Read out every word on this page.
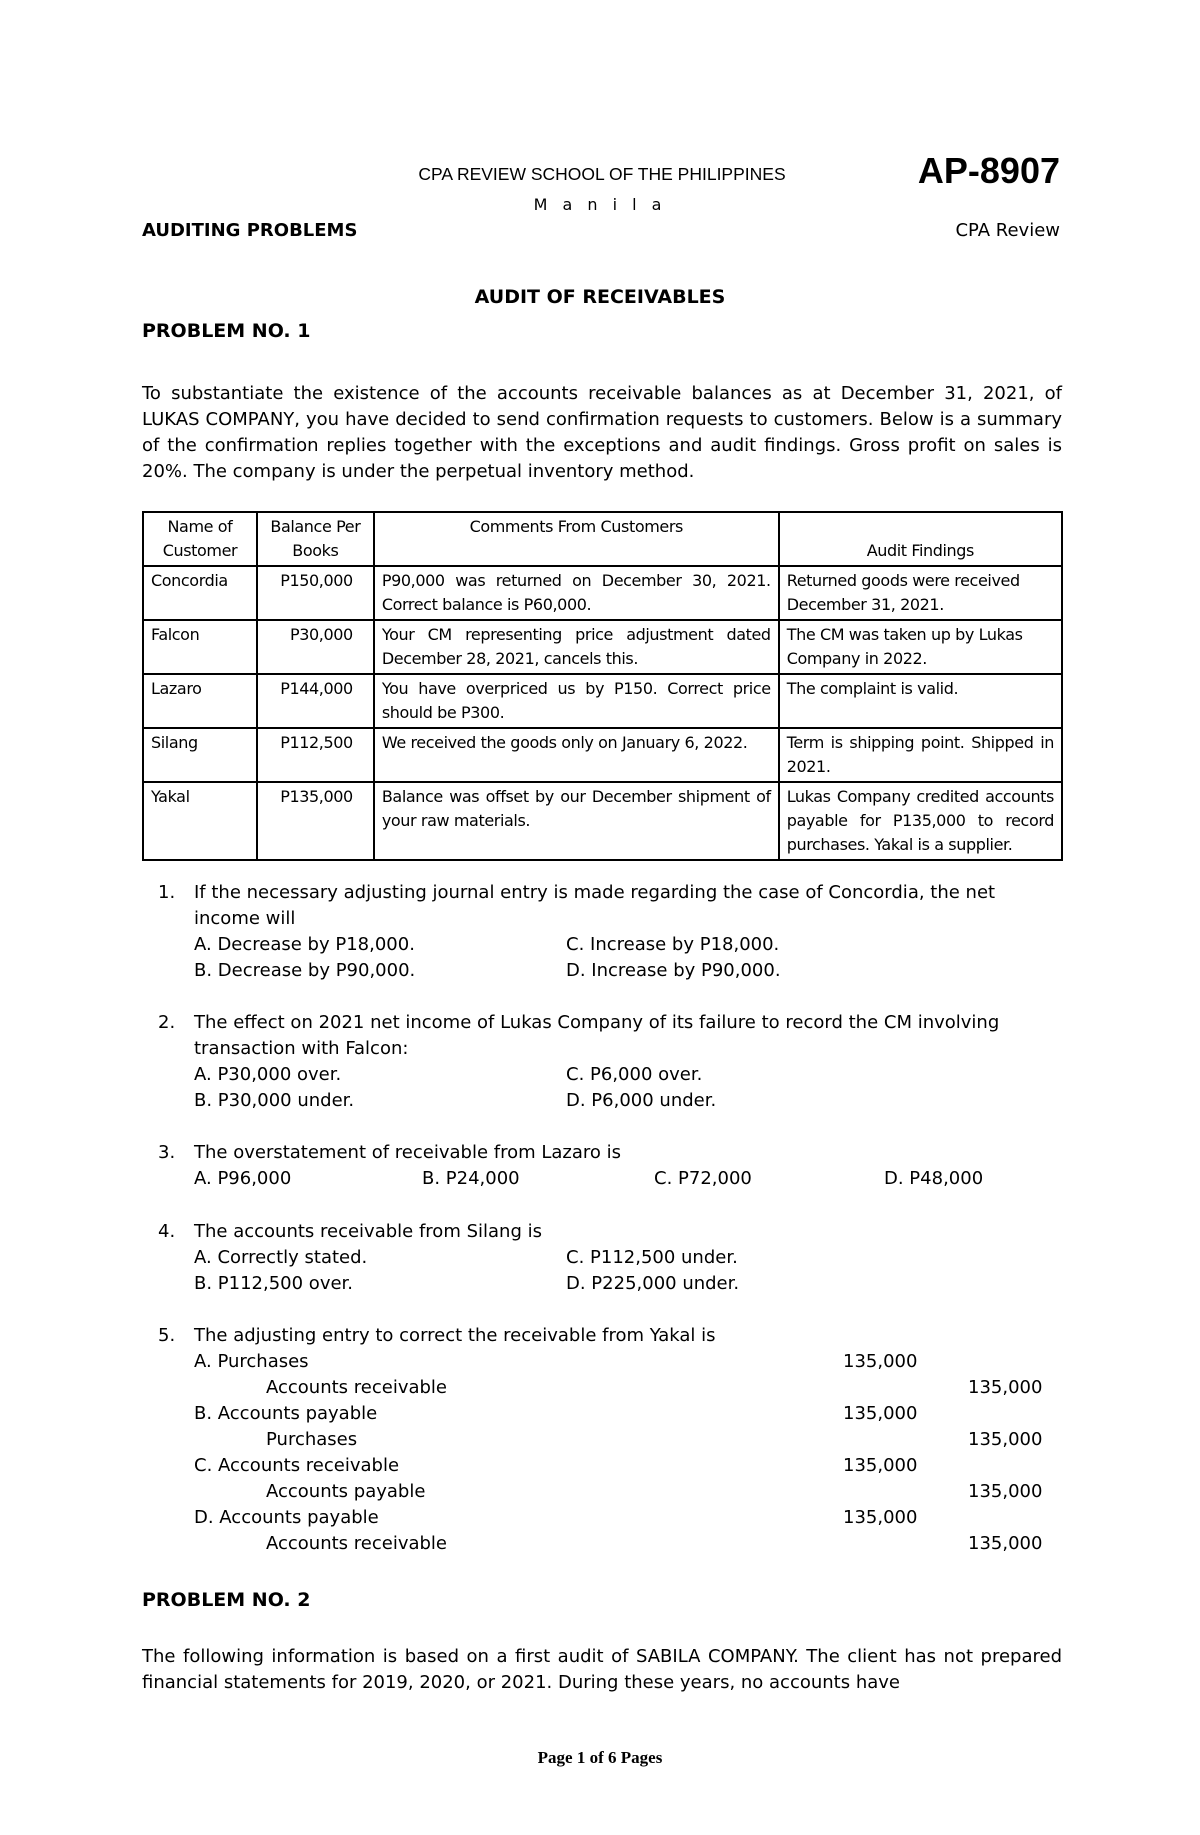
CPA REVIEW SCHOOL OF THE PHILIPPINES
M a n i l a
AP-8907
AUDITING PROBLEMS	CPA Review
AUDIT OF RECEIVABLES
PROBLEM NO. 1
To substantiate the existence of the accounts receivable balances as at December 31, 2021, of LUKAS COMPANY, you have decided to send confirmation requests to customers. Below is a summary of the confirmation replies together with the exceptions and audit findings. Gross profit on sales is 20%. The company is under the perpetual inventory method.
Name of Customer	Balance Per Books	Comments From Customers	Audit Findings
Concordia	P150,000	P90,000 was returned on December 30, 2021. Correct balance is P60,000.	Returned goods were received December 31, 2021.
Falcon	P30,000	Your CM representing price adjustment dated December 28, 2021, cancels this.	The CM was taken up by Lukas Company in 2022.
Lazaro	P144,000	You have overpriced us by P150. Correct price should be P300.	The complaint is valid.
Silang	P112,500	We received the goods only on January 6, 2022.	Term is shipping point. Shipped in 2021.
Yakal	P135,000	Balance was offset by our December shipment of your raw materials.	Lukas Company credited accounts payable for P135,000 to record purchases. Yakal is a supplier.
1. If the necessary adjusting journal entry is made regarding the case of Concordia, the net income will
A. Decrease by P18,000.
B. Decrease by P90,000.
C. Increase by P18,000.
D. Increase by P90,000.
2. The effect on 2021 net income of Lukas Company of its failure to record the CM involving transaction with Falcon:
A. P30,000 over.
B. P30,000 under.
C. P6,000 over.
D. P6,000 under.
3. The overstatement of receivable from Lazaro is
A. P96,000	B. P24,000	C. P72,000	D. P48,000
4. The accounts receivable from Silang is
A. Correctly stated.
B. P112,500 over.
C. P112,500 under.
D. P225,000 under.
5. The adjusting entry to correct the receivable from Yakal is
A. Purchases	135,000
Accounts receivable	135,000
B. Accounts payable	135,000
Purchases	135,000
C. Accounts receivable	135,000
Accounts payable	135,000
D. Accounts payable	135,000
Accounts receivable	135,000
PROBLEM NO. 2
The following information is based on a first audit of SABILA COMPANY. The client has not prepared financial statements for 2019, 2020, or 2021. During these years, no accounts have
Page 1 of 6 Pages
